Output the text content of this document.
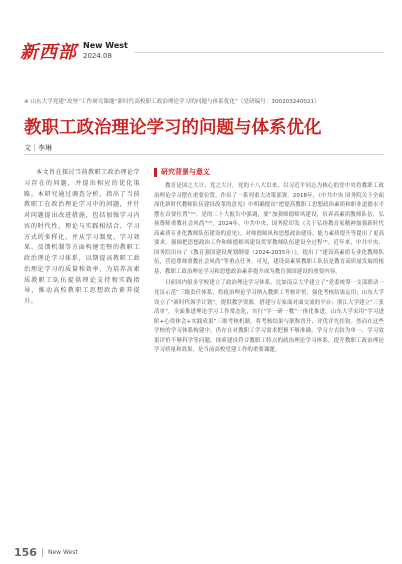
新西部 New West
2024.08
※ 山东大学党建“攻坚”工作研究课题“新时代高校职工政治理论学习的问题与体系优化”（党研编号：300203240021）
教职工政治理论学习的问题与体系优化
文｜李琳

本文旨在探讨当前教职工政治理论学习存在的问题，并提出相应的优化策略。本研究通过调查分析，指出了当前教职工在政治理论学习中的问题，并针对问题提出改进措施，包括加强学习内容的时代性、理论与实践相结合、学习方式的多样化，并从学习制度、学习效果、反馈机制等方面构建完整的教职工政治理论学习体系，以期提高教职工政治理论学习的质量和效率，为培养高素质教职工队伍提供理论支持和实践指导，推动高校教职工思想政治素养提升。

研究背景与意义

教育是国之大计、党之大计。党的十八大以来，以习近平同志为核心的党中央将教职工政治理论学习摆在重要位置，作出了一系列重大决策部署。2018年，《中共中央 国务院关于全面深化新时代教师队伍建设改革的意见》中明确提出“把提高教职工思想政治素质和职业道德水平摆在首要位置”⁽¹⁾。党的二十大报告中强调，要“加强师德师风建设，培养高素质教师队伍，弘扬尊师重教社会风尚”⁽²⁾。2024年，中共中央、国务院印发《关于弘扬教育家精神加强新时代高素质专业化教师队伍建设的意见》，对师德师风和思想政治建设、能力素质提升等提出了更高要求，强调把思想政治工作和师德师风建设贯穿教师队伍建设全过程⁽³⁾。近年来，中共中央、国务院出台了《教育强国建设规划纲要（2024-2035年）》，提出了“建设高素质专业化教师队伍，营造尊师重教社会风尚”等重点任务。可见，建设高素质教职工队伍是教育高质量发展的根基，教职工政治理论学习和思想政治素养提升成为教育强国建设的重要内容。

目前国内很多学校建立了政治理论学习体系，比如南京大学建立了“党委统筹一支部联动一党员示范”三级责任体系，将政治理论学习纳入教职工考核评价，强化考核结果运用；山东大学设立了“新时代领学计划”，提供教学资源，搭建与专家面对面交流的平台；浙江大学建立“三张清单”，全面推进理论学习工作常态化，实行“学一研一教”一体化推进，山东大学采用“学习进阶+心得体会+实践成果”三维考核机制，将考核结果与职称晋升、评优评先挂钩。然而在这些学校的学习体系构建中，仍存在对教职工学习需求把握不够准确、学习方式较为单一、学习效果评价不够科学等问题。探索建设符合教职工特点的政治理论学习体系，提升教职工政治理论学习质量和效果，是当前高校党建工作的重要课题。

156 New West
